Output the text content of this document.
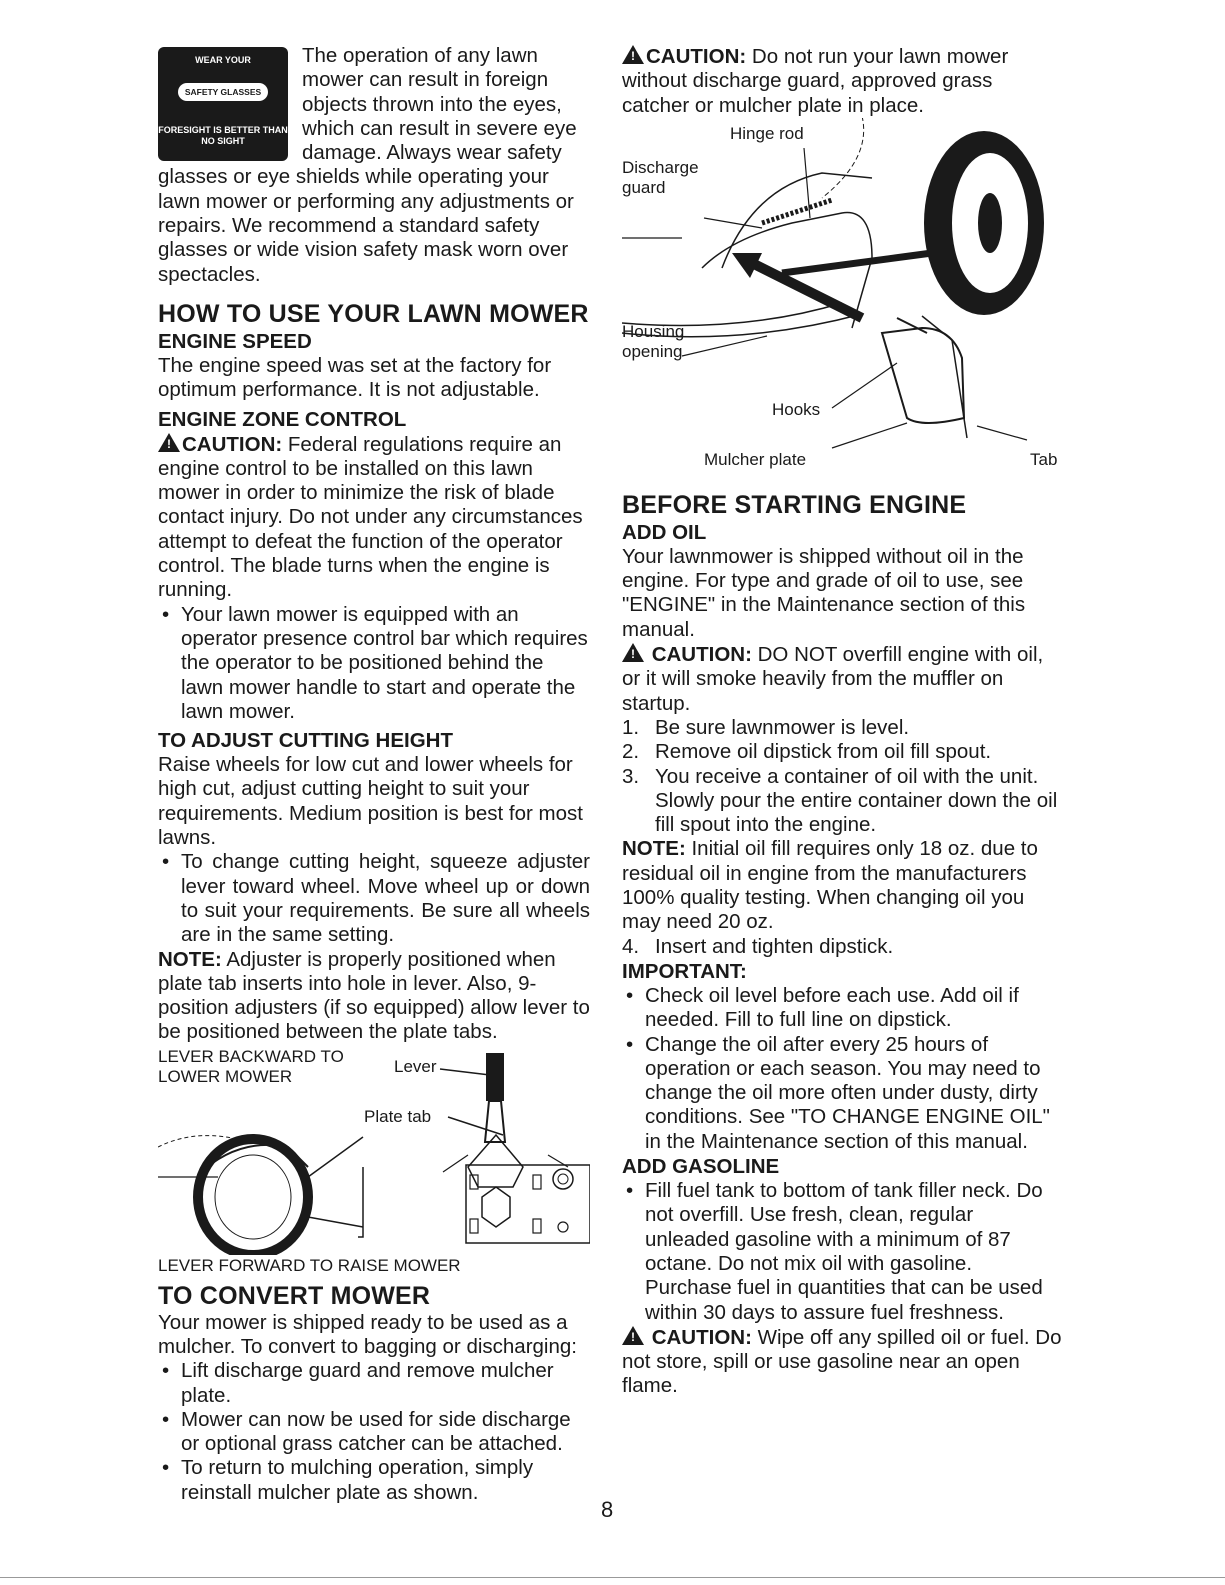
WEAR YOUR
SAFETY GLASSES
FORESIGHT IS BETTER THAN NO SIGHT

The operation of any lawn mower can result in foreign objects thrown into the eyes, which can result in severe eye damage. Always wear safety glasses or eye shields while operating your lawn mower or performing any adjustments or repairs. We recommend a standard safety glasses or wide vision safety mask worn over spectacles.

HOW TO USE YOUR LAWN MOWER

ENGINE SPEED

The engine speed was set at the factory for optimum performance. It is not adjustable.

ENGINE ZONE CONTROL

!CAUTION: Federal regulations require an engine control to be installed on this lawn mower in order to minimize the risk of blade contact injury. Do not under any circumstances attempt to defeat the function of the operator control. The blade turns when the engine is running.

• Your lawn mower is equipped with an operator presence control bar which requires the operator to be positioned behind the lawn mower handle to start and operate the lawn mower.

TO ADJUST CUTTING HEIGHT

Raise wheels for low cut and lower wheels for high cut, adjust cutting height to suit your requirements. Medium position is best for most lawns.

• To change cutting height, squeeze adjuster lever toward wheel. Move wheel up or down to suit your requirements. Be sure all wheels are in the same setting.

NOTE: Adjuster is properly positioned when plate tab inserts into hole in lever. Also, 9-position adjusters (if so equipped) allow lever to be positioned between the plate tabs.

LEVER BACKWARD TO LOWER MOWER
Lever
Plate tab

LEVER FORWARD TO RAISE MOWER

TO CONVERT MOWER

Your mower is shipped ready to be used as a mulcher. To convert to bagging or discharging:

• Lift discharge guard and remove mulcher plate.

• Mower can now be used for side discharge or optional grass catcher can be attached.

• To return to mulching operation, simply reinstall mulcher plate as shown.

!CAUTION: Do not run your lawn mower without discharge guard, approved grass catcher or mulcher plate in place.

Hinge rod
Discharge guard
Housing opening
Hooks
Mulcher plate	Tab

BEFORE STARTING ENGINE

ADD OIL

Your lawnmower is shipped without oil in the engine. For type and grade of oil to use, see "ENGINE" in the Maintenance section of this manual.

! CAUTION: DO NOT overfill engine with oil, or it will smoke heavily from the muffler on startup.

1. Be sure lawnmower is level.

2. Remove oil dipstick from oil fill spout.

3. You receive a container of oil with the unit. Slowly pour the entire container down the oil fill spout into the engine.

NOTE: Initial oil fill requires only 18 oz. due to residual oil in engine from the manufacturers 100% quality testing. When changing oil you may need 20 oz.

4. Insert and tighten dipstick.

IMPORTANT:

• Check oil level before each use. Add oil if needed. Fill to full line on dipstick.

• Change the oil after every 25 hours of operation or each season. You may need to change the oil more often under dusty, dirty conditions. See "TO CHANGE ENGINE OIL" in the Maintenance section of this manual.

ADD GASOLINE

• Fill fuel tank to bottom of tank filler neck. Do not overfill. Use fresh, clean, regular unleaded gasoline with a minimum of 87 octane. Do not mix oil with gasoline. Purchase fuel in quantities that can be used within 30 days to assure fuel freshness.

! CAUTION: Wipe off any spilled oil or fuel. Do not store, spill or use gasoline near an open flame.

8
